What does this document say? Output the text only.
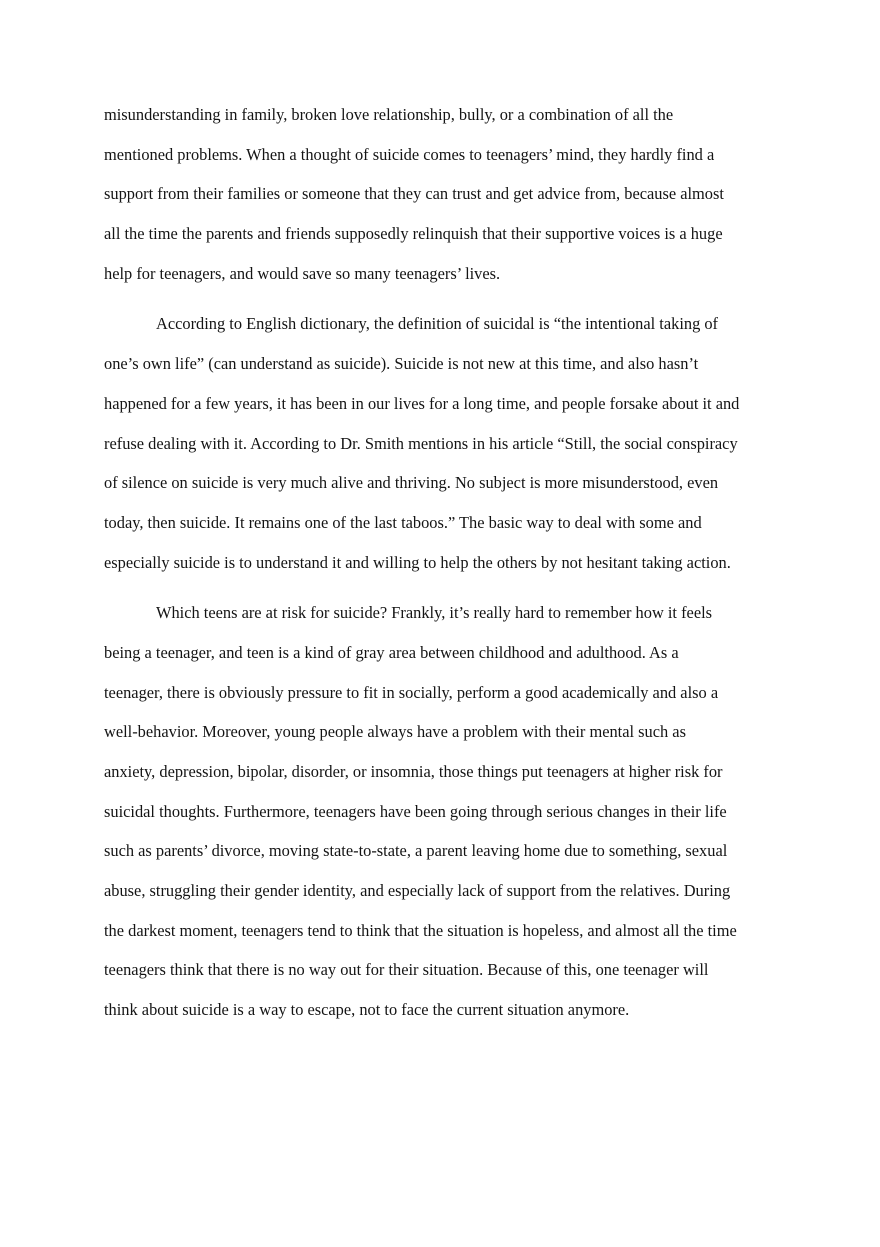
misunderstanding in family, broken love relationship, bully, or a combination of all the
mentioned problems. When a thought of suicide comes to teenagers’ mind, they hardly find a
support from their families or someone that they can trust and get advice from, because almost
all the time the parents and friends supposedly relinquish that their supportive voices is a huge
help for teenagers, and would save so many teenagers’ lives.

According to English dictionary, the definition of suicidal is “the intentional taking of
one’s own life” (can understand as suicide). Suicide is not new at this time, and also hasn’t
happened for a few years, it has been in our lives for a long time, and people forsake about it and
refuse dealing with it. According to Dr. Smith mentions in his article “Still, the social conspiracy
of silence on suicide is very much alive and thriving. No subject is more misunderstood, even
today, then suicide. It remains one of the last taboos.” The basic way to deal with some and
especially suicide is to understand it and willing to help the others by not hesitant taking action.

Which teens are at risk for suicide? Frankly, it’s really hard to remember how it feels
being a teenager, and teen is a kind of gray area between childhood and adulthood. As a
teenager, there is obviously pressure to fit in socially, perform a good academically and also a
well-behavior. Moreover, young people always have a problem with their mental such as
anxiety, depression, bipolar, disorder, or insomnia, those things put teenagers at higher risk for
suicidal thoughts. Furthermore, teenagers have been going through serious changes in their life
such as parents’ divorce, moving state-to-state, a parent leaving home due to something, sexual
abuse, struggling their gender identity, and especially lack of support from the relatives. During
the darkest moment, teenagers tend to think that the situation is hopeless, and almost all the time
teenagers think that there is no way out for their situation. Because of this, one teenager will
think about suicide is a way to escape, not to face the current situation anymore.
